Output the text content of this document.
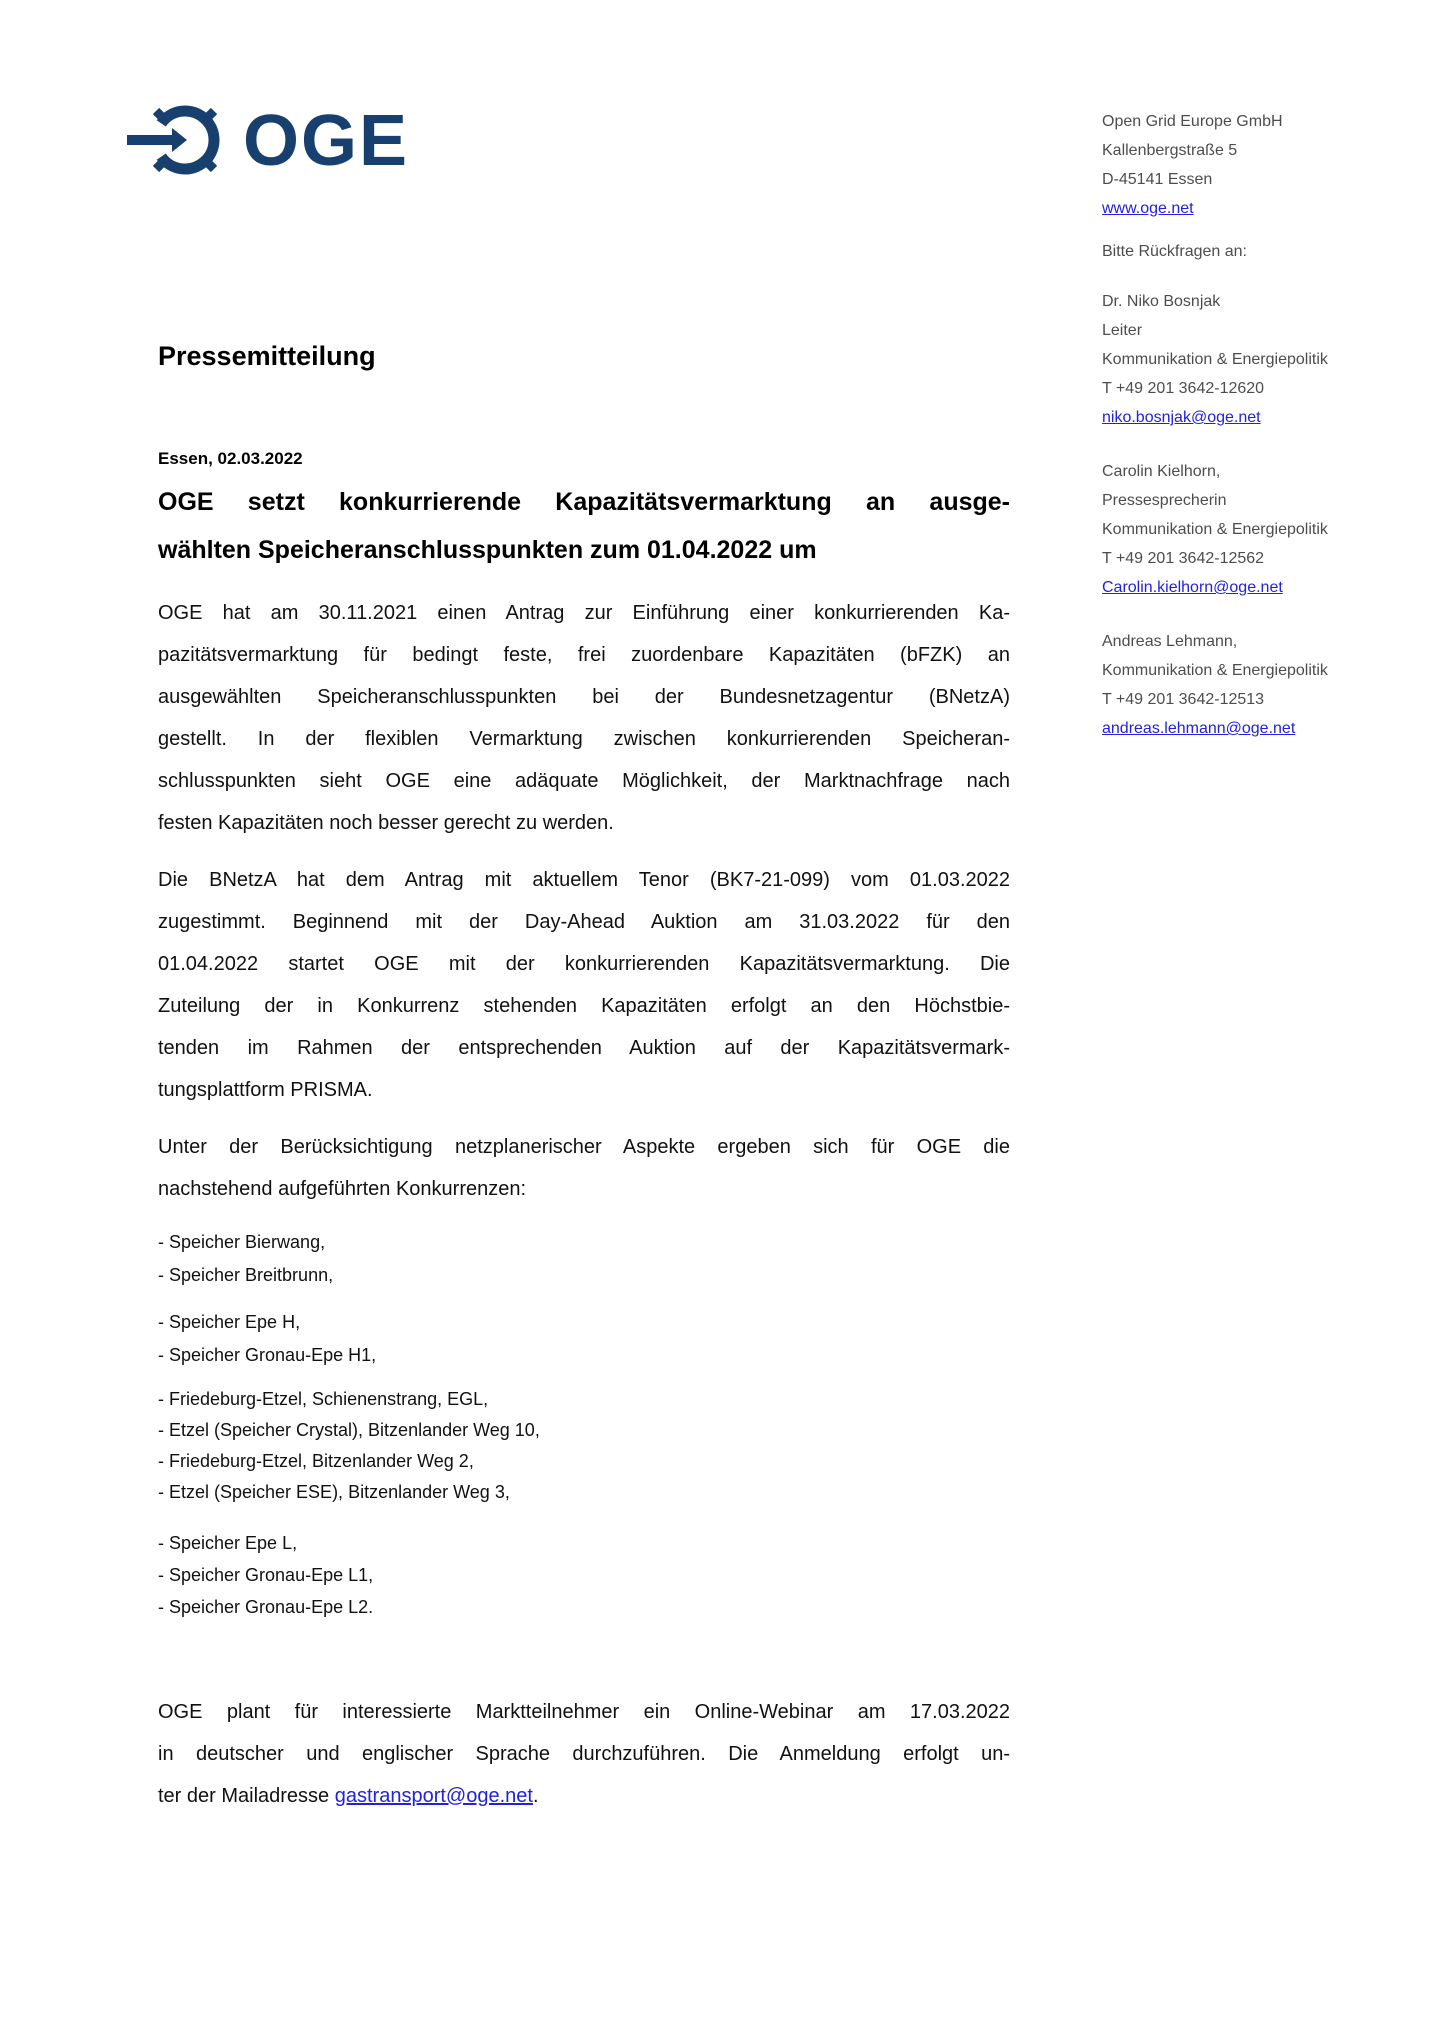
OGE	Open Grid Europe GmbH
Kallenbergstraße 5
D-45141 Essen
www.oge.net
Bitte Rückfragen an:
Dr. Niko Bosnjak
Leiter
Kommunikation & Energiepolitik
T +49 201 3642-12620
niko.bosnjak@oge.net
Carolin Kielhorn,
Pressesprecherin
Kommunikation & Energiepolitik
T +49 201 3642-12562
Carolin.kielhorn@oge.net
Andreas Lehmann,
Kommunikation & Energiepolitik
T +49 201 3642-12513
andreas.lehmann@oge.net
Pressemitteilung
Essen, 02.03.2022
OGE setzt konkurrierende Kapazitätsvermarktung an ausge-
wählten Speicheranschlusspunkten zum 01.04.2022 um
OGE hat am 30.11.2021 einen Antrag zur Einführung einer konkurrierenden Ka-
pazitätsvermarktung für bedingt feste, frei zuordenbare Kapazitäten (bFZK) an
ausgewählten Speicheranschlusspunkten bei der Bundesnetzagentur (BNetzA)
gestellt. In der flexiblen Vermarktung zwischen konkurrierenden Speicheran-
schlusspunkten sieht OGE eine adäquate Möglichkeit, der Marktnachfrage nach
festen Kapazitäten noch besser gerecht zu werden.
Die BNetzA hat dem Antrag mit aktuellem Tenor (BK7-21-099) vom 01.03.2022
zugestimmt. Beginnend mit der Day-Ahead Auktion am 31.03.2022 für den
01.04.2022 startet OGE mit der konkurrierenden Kapazitätsvermarktung. Die
Zuteilung der in Konkurrenz stehenden Kapazitäten erfolgt an den Höchstbie-
tenden im Rahmen der entsprechenden Auktion auf der Kapazitätsvermark-
tungsplattform PRISMA.
Unter der Berücksichtigung netzplanerischer Aspekte ergeben sich für OGE die
nachstehend aufgeführten Konkurrenzen:
- Speicher Bierwang,
- Speicher Breitbrunn,
- Speicher Epe H,
- Speicher Gronau-Epe H1,
- Friedeburg-Etzel, Schienenstrang, EGL,
- Etzel (Speicher Crystal), Bitzenlander Weg 10,
- Friedeburg-Etzel, Bitzenlander Weg 2,
- Etzel (Speicher ESE), Bitzenlander Weg 3,
- Speicher Epe L,
- Speicher Gronau-Epe L1,
- Speicher Gronau-Epe L2.
OGE plant für interessierte Marktteilnehmer ein Online-Webinar am 17.03.2022
in deutscher und englischer Sprache durchzuführen. Die Anmeldung erfolgt un-
ter der Mailadresse gastransport@oge.net.
